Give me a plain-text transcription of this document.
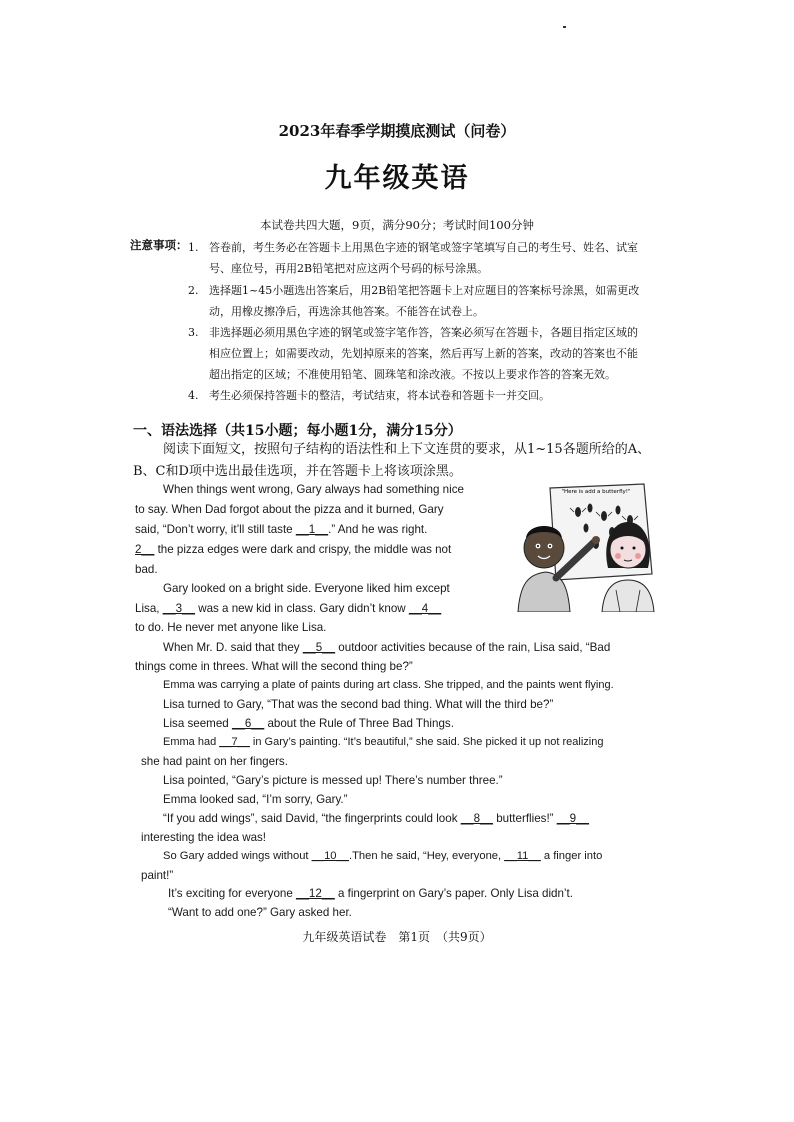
2023年春季学期摸底测试（问卷）
九年级英语
本试卷共四大题，9页，满分90分；考试时间100分钟
注意事项： 1. 答卷前，考生务必在答题卡上用黑色字迹的钢笔或签字笔填写自己的考生号、姓名、试室
号、座位号，再用2B铅笔把对应这两个号码的标号涂黑。
2. 选择题1~45小题选出答案后，用2B铅笔把答题卡上对应题目的答案标号涂黑，如需更改
动，用橡皮擦净后，再选涂其他答案。不能答在试卷上。
3. 非选择题必须用黑色字迹的钢笔或签字笔作答，答案必须写在答题卡，各题目指定区域的
相应位置上；如需要改动，先划掉原来的答案，然后再写上新的答案，改动的答案也不能
超出指定的区域；不准使用铅笔、圆珠笔和涂改液。不按以上要求作答的答案无效。
4. 考生必须保持答题卡的整洁，考试结束，将本试卷和答题卡一并交回。
一、语法选择（共15小题；每小题1分，满分15分）
阅读下面短文，按照句子结构的语法性和上下文连贯的要求，从1~15各题所给的A、B、C和D项中选出最佳选项，并在答题卡上将该项涂黑。
"Here is add a butterfly!"
When things went wrong, Gary always had something nice
to say. When Dad forgot about the pizza and it burned, Gary
said, “Don’t worry, it’ll still taste __1__.” And he was right.
2__ the pizza edges were dark and crispy, the middle was not
bad.
Gary looked on a bright side. Everyone liked him except
Lisa, __3__ was a new kid in class. Gary didn’t know __4__
to do. He never met anyone like Lisa.
When Mr. D. said that they __5__ outdoor activities because of the rain, Lisa said, “Bad
things come in threes. What will the second thing be?”
Emma was carrying a plate of paints during art class. She tripped, and the paints went flying.
Lisa turned to Gary, “That was the second bad thing. What will the third be?”
Lisa seemed __6__ about the Rule of Three Bad Things.
Emma had __7__ in Gary’s painting. “It’s beautiful,” she said. She picked it up not realizing
she had paint on her fingers.
Lisa pointed, “Gary’s picture is messed up! There’s number three.”
Emma looked sad, “I’m sorry, Gary.”
“If you add wings”, said David, “the fingerprints could look __8__ butterflies!” __9__
interesting the idea was!
So Gary added wings without __10__.Then he said, “Hey, everyone, __11__ a finger into
paint!”
It’s exciting for everyone __12__ a fingerprint on Gary’s paper. Only Lisa didn’t.
“Want to add one?” Gary asked her.
九年级英语试卷　第1页　（共9页）
